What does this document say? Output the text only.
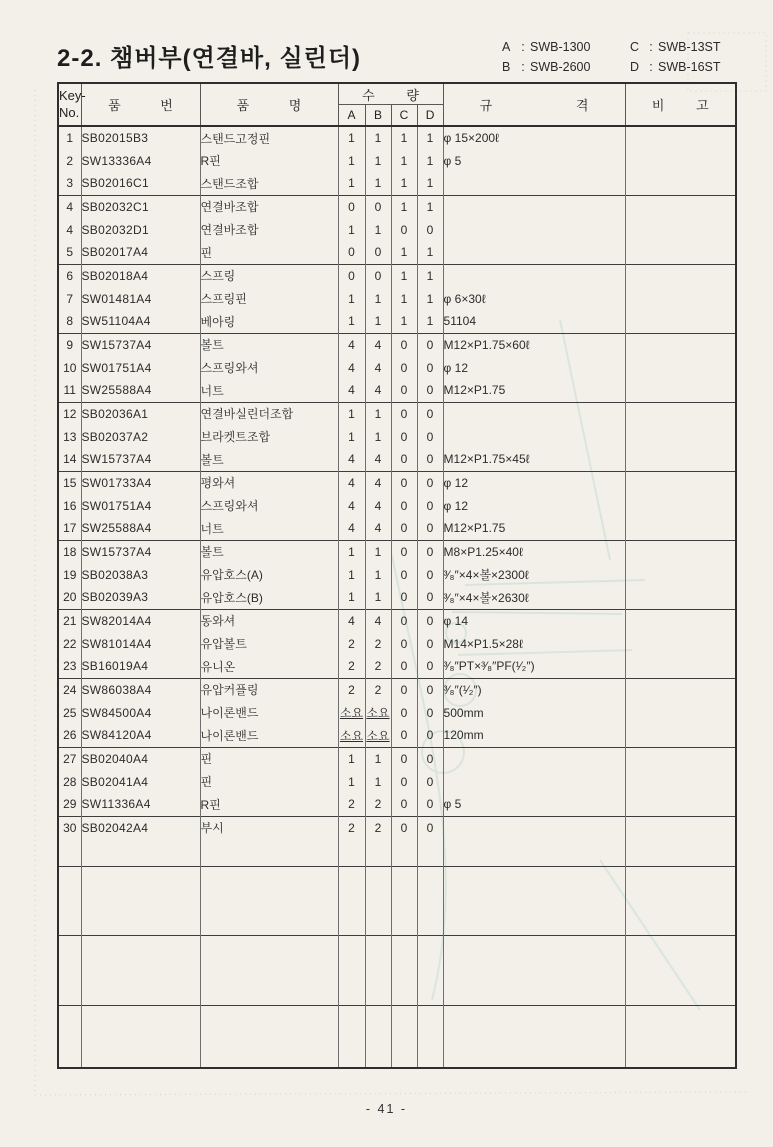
2-2. 챔버부(연결바, 실린더)	A : SWB-1300	C : SWB-13ST
B : SWB-2600	D : SWB-16ST
Key-
No.	품 번	품 명	수 량				규 격	비 고
			A	B	C	D		
1	SB02015B3	스탠드고정핀	1	1	1	1	φ 15×200ℓ	
2	SW13336A4	R핀	1	1	1	1	φ 5	
3	SB02016C1	스탠드조합	1	1	1	1		
4	SB02032C1	연결바조합	0	0	1	1		
4	SB02032D1	연결바조합	1	1	0	0		
5	SB02017A4	핀	0	0	1	1		
6	SB02018A4	스프링	0	0	1	1		
7	SW01481A4	스프링핀	1	1	1	1	φ 6×30ℓ	
8	SW51104A4	베아링	1	1	1	1	51104	
9	SW15737A4	볼트	4	4	0	0	M12×P1.75×60ℓ	
10	SW01751A4	스프링와셔	4	4	0	0	φ 12	
11	SW25588A4	너트	4	4	0	0	M12×P1.75	
12	SB02036A1	연결바실린더조합	1	1	0	0		
13	SB02037A2	브라켓트조합	1	1	0	0		
14	SW15737A4	볼트	4	4	0	0	M12×P1.75×45ℓ	
15	SW01733A4	평와셔	4	4	0	0	φ 12	
16	SW01751A4	스프링와셔	4	4	0	0	φ 12	
17	SW25588A4	너트	4	4	0	0	M12×P1.75	
18	SW15737A4	볼트	1	1	0	0	M8×P1.25×40ℓ	
19	SB02038A3	유압호스(A)	1	1	0	0	³⁄₈″×4×볼×2300ℓ	
20	SB02039A3	유압호스(B)	1	1	0	0	³⁄₈″×4×볼×2630ℓ	
21	SW82014A4	동와셔	4	4	0	0	φ 14	
22	SW81014A4	유압볼트	2	2	0	0	M14×P1.5×28ℓ	
23	SB16019A4	유니온	2	2	0	0	³⁄₈″PT×³⁄₈″PF(¹⁄₂″)	
24	SW86038A4	유압커플링	2	2	0	0	³⁄₈″(¹⁄₂″)	
25	SW84500A4	나이론밴드	소요	소요	0	0	500mm	
26	SW84120A4	나이론밴드	소요	소요	0	0	120mm	
27	SB02040A4	핀	1	1	0	0		
28	SB02041A4	핀	1	1	0	0		
29	SW11336A4	R핀	2	2	0	0	φ 5	
30	SB02042A4	부시	2	2	0	0		

- 41 -
